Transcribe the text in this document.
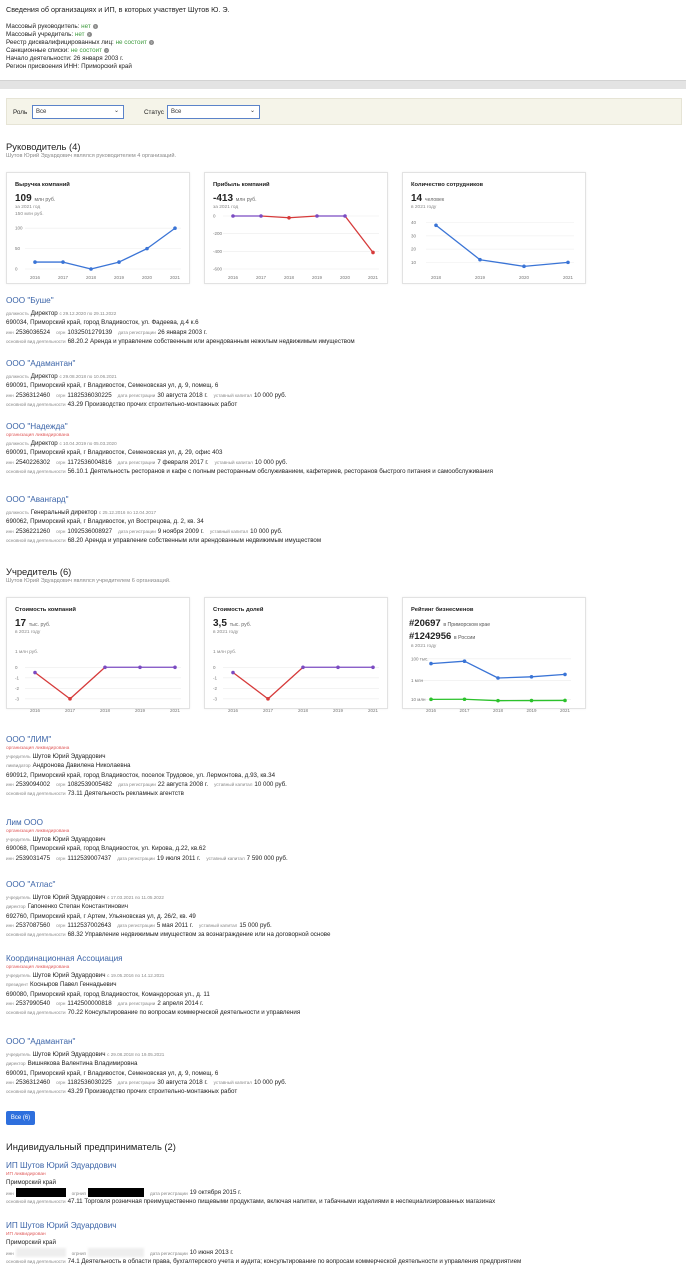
Сведения об организациях и ИП, в которых участвует Шутов Ю. Э.
Массовый руководитель: нет ?
Массовый учредитель: нет ?
Реестр дисквалифицированных лиц: не состоит ?
Санкционные списки: не состоит ?
Начало деятельности: 26 января 2003 г.
Регион присвоения ИНН: Приморский край
Роль	Все	⌄	Статус	Все	⌄
Руководитель (4)
Шутов Юрий Эдуардович являлся руководителем 4 организаций.
Выручка компаний
109 млн руб.
за 2021 год
150 млн руб.
0
50
100
2016	2017	2018	2019	2020	2021
Прибыль компаний
-413 млн руб.
за 2021 год
0
-200
-400
-600
2016	2017	2018	2019	2020	2021
Количество сотрудников
14 человек
в 2021 году
40
30
20
10
2018	2019	2020	2021
ООО "Буше"
должность Директор с 29.12.2020 по 29.11.2022
690034, Приморский край, город Владивосток, ул. Фадеева, д.4 к.6
инн 2536036524 огрн 1032501279139 дата регистрации 26 января 2003 г.
основной вид деятельности 68.20.2 Аренда и управление собственным или арендованным нежилым недвижимым имуществом
ООО "Адамантан"
должность Директор с 29.08.2018 по 10.06.2021
690091, Приморский край, г Владивосток, Семеновская ул, д. 9, помещ. 6
инн 2536312460 огрн 1182536030225 дата регистрации 30 августа 2018 г. уставный капитал 10 000 руб.
основной вид деятельности 43.29 Производство прочих строительно-монтажных работ
ООО "Надежда"
организация ликвидирована
должность Директор с 10.04.2019 по 05.03.2020
690091, Приморский край, г Владивосток, Семеновская ул, д. 29, офис 403
инн 2540226302 огрн 1172536004816 дата регистрации 7 февраля 2017 г. уставный капитал 10 000 руб.
основной вид деятельности 56.10.1 Деятельность ресторанов и кафе с полным ресторанным обслуживанием, кафетериев, ресторанов быстрого питания и самообслуживания
ООО "Авангард"
должность Генеральный директор с 25.12.2016 по 12.04.2017
690062, Приморский край, г Владивосток, ул Вострецова, д. 2, кв. 34
инн 2536221260 огрн 1092536008927 дата регистрации 9 ноября 2009 г. уставный капитал 10 000 руб.
основной вид деятельности 68.20 Аренда и управление собственным или арендованным недвижимым имуществом
Учредитель (6)
Шутов Юрий Эдуардович являлся учредителем 6 организаций.
Стоимость компаний
17 тыс. руб.
в 2021 году
1 млн руб.
0
-1
-2
-3
2016	2017	2018	2019	2021
Стоимость долей
3,5 тыс. руб.
в 2021 году
1 млн руб.
0
-1
-2
-3
2016	2017	2018	2019	2021
Рейтинг бизнесменов
#20697 в Приморском крае
#1242956 в России
в 2021 году
100 тыс.
1 млн
10 млн
2016	2017	2018	2019	2021
ООО "ЛИМ"
организация ликвидирована
учредитель Шутов Юрий Эдуардович
ликвидатор Андронова Давилена Николаевна
690912, Приморский край, город Владивосток, поселок Трудовое, ул. Лермонтова, д.93, кв.34
инн 2539094002 огрн 1082539005482 дата регистрации 22 августа 2008 г. уставный капитал 10 000 руб.
основной вид деятельности 73.11 Деятельность рекламных агентств
Лим ООО
организация ликвидирована
учредитель Шутов Юрий Эдуардович
690068, Приморский край, город Владивосток, ул. Кирова, д.22, кв.62
инн 2539031475 огрн 1112539007437 дата регистрации 19 июля 2011 г. уставный капитал 7 590 000 руб.
ООО "Атлас"
учредитель Шутов Юрий Эдуардович с 17.03.2021 по 11.05.2022
директор Гапоненко Степан Константинович
692760, Приморский край, г Артем, Ульяновская ул, д. 26/2, кв. 49
инн 2537087560 огрн 1112537002643 дата регистрации 5 мая 2011 г. уставный капитал 15 000 руб.
основной вид деятельности 68.32 Управление недвижимым имуществом за вознаграждение или на договорной основе
Координационная Ассоциация
организация ликвидирована
учредитель Шутов Юрий Эдуардович с 19.05.2016 по 14.12.2021
президент Косныров Павел Геннадьевич
690080, Приморский край, город Владивосток, Командорская ул., д. 11
инн 2537990540 огрн 1142500000818 дата регистрации 2 апреля 2014 г.
основной вид деятельности 70.22 Консультирование по вопросам коммерческой деятельности и управления
ООО "Адамантан"
учредитель Шутов Юрий Эдуардович с 29.08.2018 по 19.05.2021
директор Вишнякова Валентина Владимировна
690091, Приморский край, г Владивосток, Семеновская ул, д. 9, помещ. 6
инн 2536312460 огрн 1182536030225 дата регистрации 30 августа 2018 г. уставный капитал 10 000 руб.
основной вид деятельности 43.29 Производство прочих строительно-монтажных работ
Все (6)
Индивидуальный предприниматель (2)
ИП Шутов Юрий Эдуардович
ИП ликвидирован
Приморский край
инн	огрнип	дата регистрации 19 октября 2015 г.
основной вид деятельности 47.11 Торговля розничная преимущественно пищевыми продуктами, включая напитки, и табачными изделиями в неспециализированных магазинах
ИП Шутов Юрий Эдуардович
ИП ликвидирован
Приморский край
инн	огрнип	дата регистрации 10 июня 2013 г.
основной вид деятельности 74.1 Деятельность в области права, бухгалтерского учета и аудита; консультирование по вопросам коммерческой деятельности и управления предприятием
